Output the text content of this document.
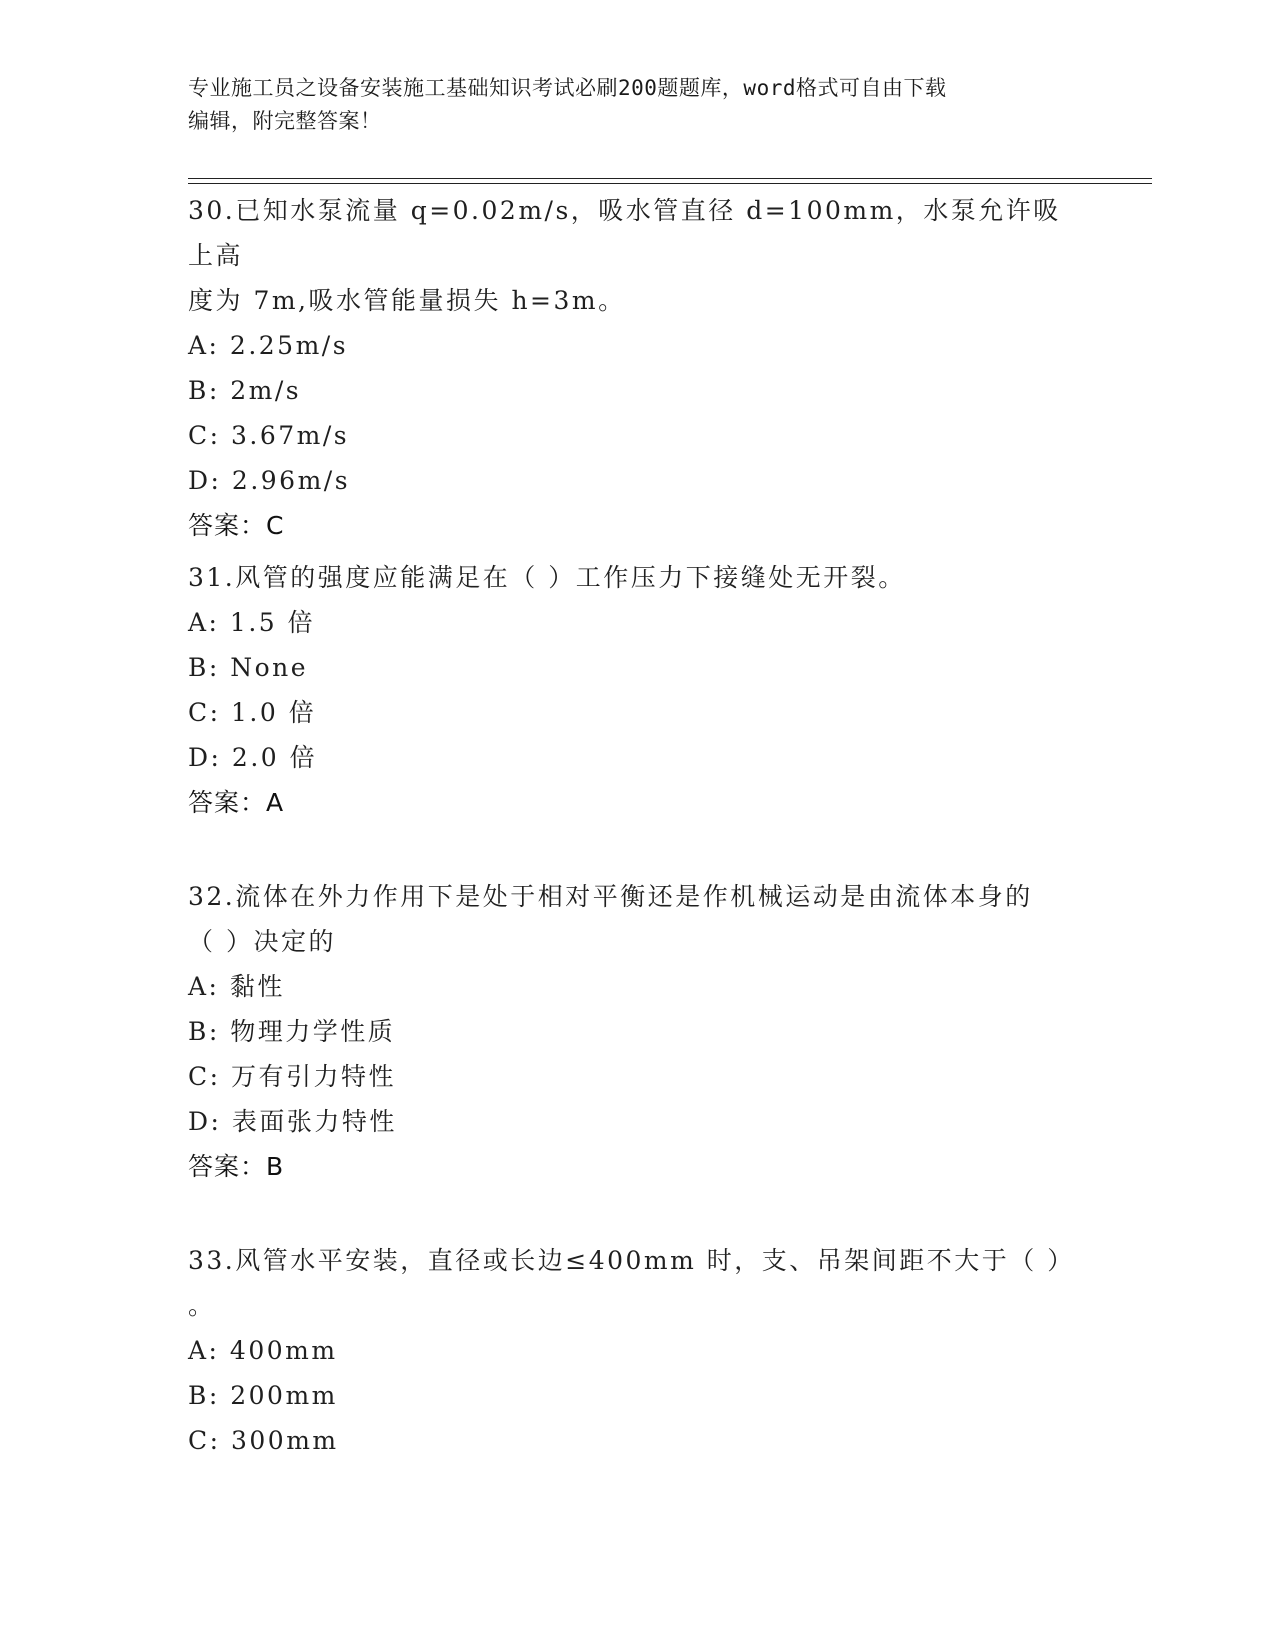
专业施工员之设备安装施工基础知识考试必刷200题题库，word格式可自由下载
编辑，附完整答案！

30.已知水泵流量 q=0.02m/s，吸水管直径 d=100mm，水泵允许吸上高

度为 7m,吸水管能量损失 h=3m。

A: 2.25m/s

B: 2m/s

C: 3.67m/s

D: 2.96m/s

答案：C

31.风管的强度应能满足在（ ）工作压力下接缝处无开裂。

A: 1.5 倍

B: None

C: 1.0 倍

D: 2.0 倍

答案：A

32.流体在外力作用下是处于相对平衡还是作机械运动是由流体本身的

（ ）决定的

A: 黏性

B: 物理力学性质

C: 万有引力特性

D: 表面张力特性

答案：B

33.风管水平安装，直径或长边≤400mm 时，支、吊架间距不大于（ ）

。

A: 400mm

B: 200mm

C: 300mm
